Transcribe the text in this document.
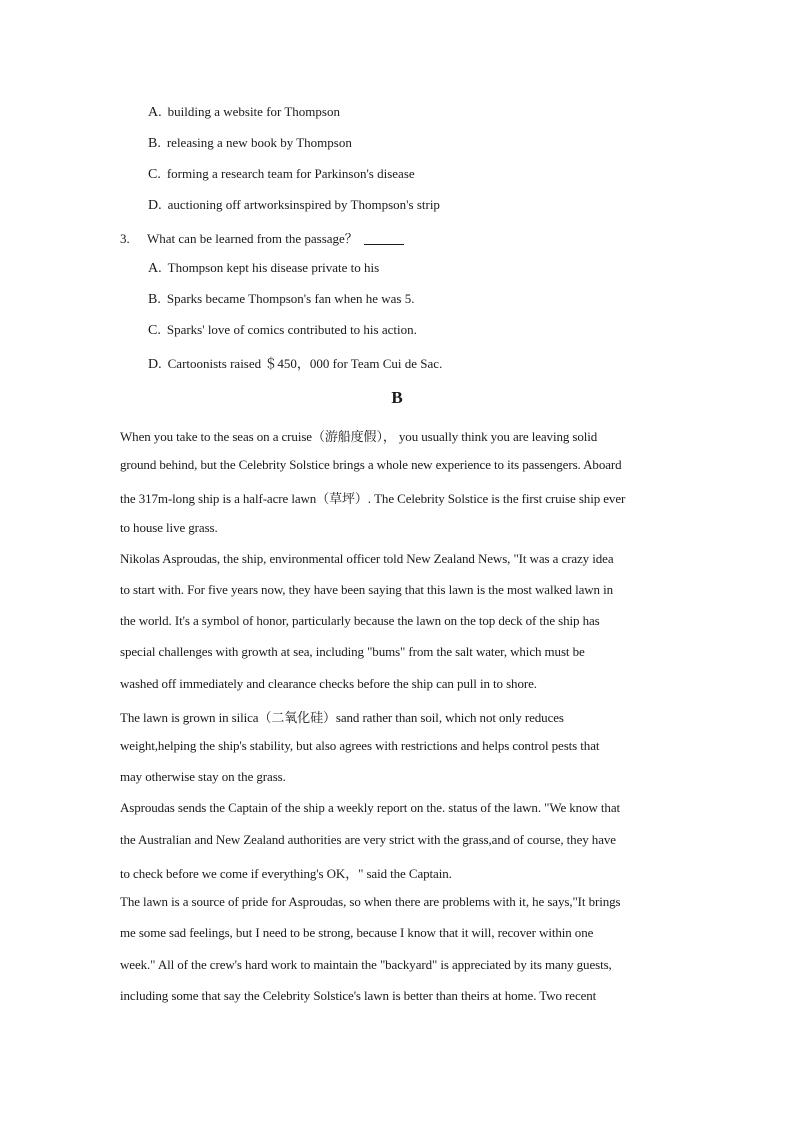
A. building a website for Thompson
B. releasing a new book by Thompson
C. forming a research team for Parkinson's disease
D. auctioning off artworksinspired by Thompson's strip
3. What can be learned from the passage？
A. Thompson kept his disease private to his
B. Sparks became Thompson's fan when he was 5.
C. Sparks' love of comics contributed to his action.
D. Cartoonists raised ＄450，000 for Team Cui de Sac.
B
When you take to the seas on a cruise（游船度假）， you usually think you are leaving solid
ground behind, but the Celebrity Solstice brings a whole new experience to its passengers. Aboard
the 317m-long ship is a half-acre lawn（草坪）. The Celebrity Solstice is the first cruise ship ever
to house live grass.
Nikolas Asproudas, the ship, environmental officer told New Zealand News, "It was a crazy idea
to start with. For five years now, they have been saying that this lawn is the most walked lawn in
the world. It's a symbol of honor, particularly because the lawn on the top deck of the ship has
special challenges with growth at sea, including "bums" from the salt water, which must be
washed off immediately and clearance checks before the ship can pull in to shore.
The lawn is grown in silica（二氧化硅）sand rather than soil, which not only reduces
weight,helping the ship's stability, but also agrees with restrictions and helps control pests that
may otherwise stay on the grass.
Asproudas sends the Captain of the ship a weekly report on the. status of the lawn. "We know that
the Australian and New Zealand authorities are very strict with the grass,and of course, they have
to check before we come if everything's OK，" said the Captain.
The lawn is a source of pride for Asproudas, so when there are problems with it, he says,"It brings
me some sad feelings, but I need to be strong, because I know that it will, recover within one
week." All of the crew's hard work to maintain the "backyard" is appreciated by its many guests,
including some that say the Celebrity Solstice's lawn is better than theirs at home. Two recent
